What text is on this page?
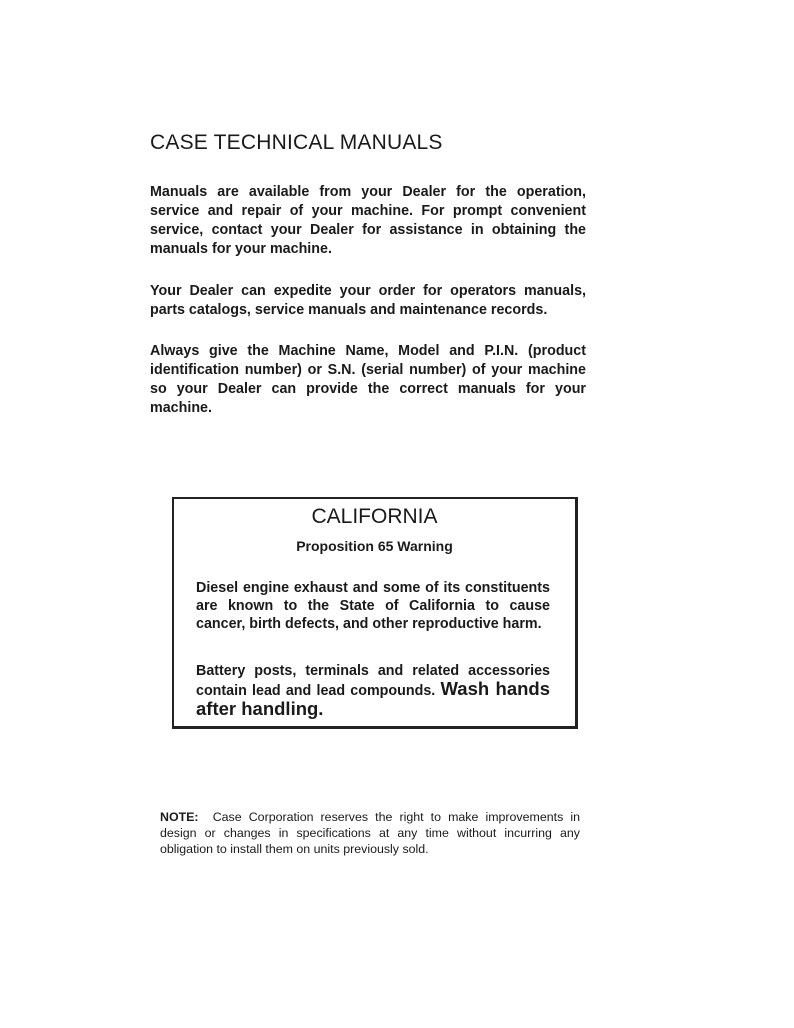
CASE TECHNICAL MANUALS

Manuals are available from your Dealer for the operation, service and repair of your machine. For prompt convenient service, contact your Dealer for assistance in obtaining the manuals for your machine.

Your Dealer can expedite your order for operators manuals, parts catalogs, service manuals and maintenance records.

Always give the Machine Name, Model and P.I.N. (product identification number) or S.N. (serial number) of your machine so your Dealer can provide the correct manuals for your machine.

CALIFORNIA
Proposition 65 Warning

Diesel engine exhaust and some of its constituents are known to the State of California to cause cancer, birth defects, and other reproductive harm.

Battery posts, terminals and related accessories contain lead and lead compounds. Wash hands after handling.

NOTE: Case Corporation reserves the right to make improvements in design or changes in specifications at any time without incurring any obligation to install them on units previously sold.
